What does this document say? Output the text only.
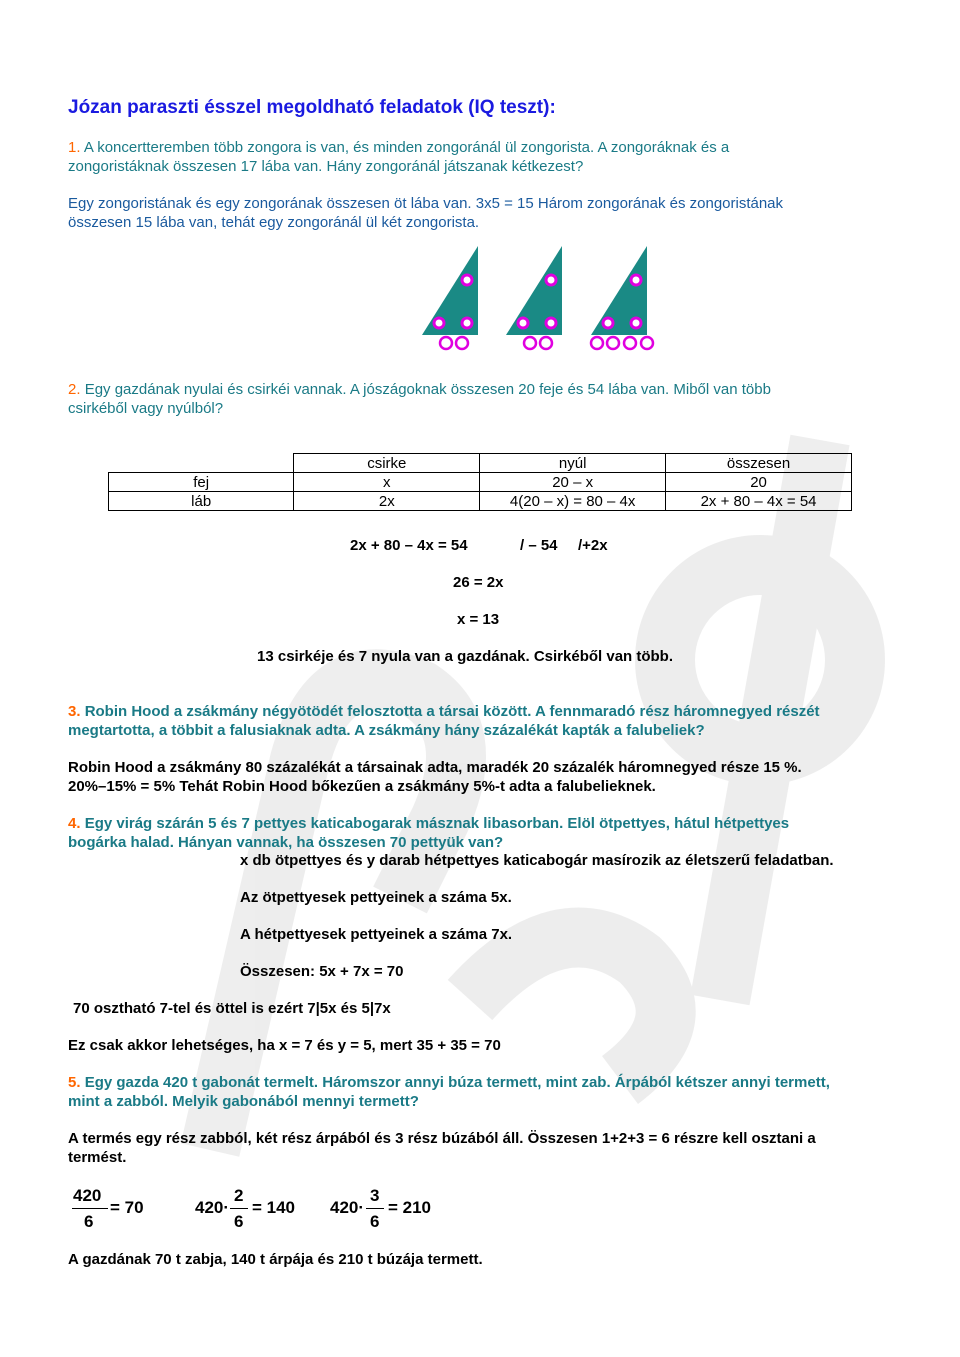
Józan paraszti ésszel megoldható feladatok (IQ teszt):
1. A koncertteremben több zongora is van, és minden zongoránál ül zongorista. A zongoráknak és a
zongoristáknak összesen 17 lába van. Hány zongoránál játszanak kétkezest?
Egy zongoristának és egy zongorának összesen öt lába van. 3x5 = 15 Három zongorának és zongoristának
összesen 15 lába van, tehát egy zongoránál ül két zongorista.
2. Egy gazdának nyulai és csirkéi vannak. A jószágoknak összesen 20 feje és 54 lába van. Miből van több
csirkéből vagy nyúlból?
	csirke	nyúl	összesen
fej	x	20 – x	20
láb	2x	4(20 – x) = 80 – 4x	2x + 80 – 4x = 54
2x + 80 – 4x = 54	/ – 54 /+2x
26 = 2x
x = 13
13 csirkéje és 7 nyula van a gazdának. Csirkéből van több.
3. Robin Hood a zsákmány négyötödét felosztotta a társai között. A fennmaradó rész háromnegyed részét
megtartotta, a többit a falusiaknak adta. A zsákmány hány százalékát kapták a falubeliek?
Robin Hood a zsákmány 80 százalékát a társainak adta, maradék 20 százalék háromnegyed része 15 %.
20%–15% = 5% Tehát Robin Hood bőkezűen a zsákmány 5%-t adta a falubelieknek.
4. Egy virág szárán 5 és 7 pettyes katicabogarak másznak libasorban. Elöl ötpettyes, hátul hétpettyes
bogárka halad. Hányan vannak, ha összesen 70 pettyük van?
x db ötpettyes és y darab hétpettyes katicabogár masírozik az életszerű feladatban.
Az ötpettyesek pettyeinek a száma 5x.
A hétpettyesek pettyeinek a száma 7x.
Összesen: 5x + 7x = 70
70 osztható 7-tel és öttel is ezért 7|5x és 5|7x
Ez csak akkor lehetséges, ha x = 7 és y = 5, mert 35 + 35 = 70
5. Egy gazda 420 t gabonát termelt. Háromszor annyi búza termett, mint zab. Árpából kétszer annyi termett,
mint a zabból. Melyik gabonából mennyi termett?
A termés egy rész zabból, két rész árpából és 3 rész búzából áll. Összesen 1+2+3 = 6 részre kell osztani a
termést.
420
6
= 70	420·
2
6
= 140 420·
3
6
= 210
A gazdának 70 t zabja, 140 t árpája és 210 t búzája termett.
